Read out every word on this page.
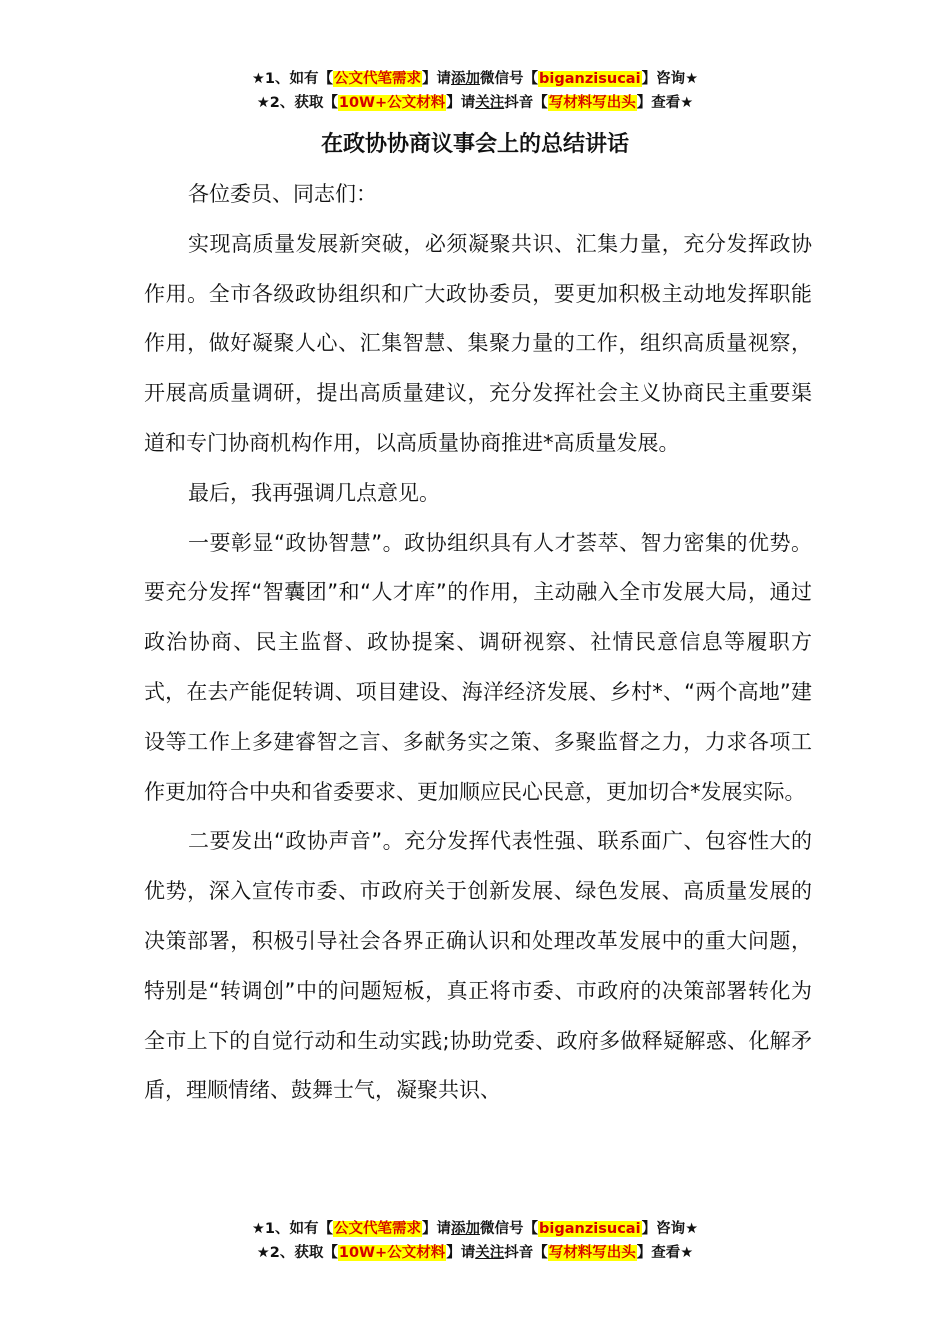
★1、如有【公文代笔需求】请添加微信号【biganzisucai】咨询★
★2、获取【10W+公文材料】请关注抖音【写材料写出头】查看★
在政协协商议事会上的总结讲话

各位委员、同志们：

实现高质量发展新突破，必须凝聚共识、汇集力量，充分发挥政协作用。全市各级政协组织和广大政协委员，要更加积极主动地发挥职能作用，做好凝聚人心、汇集智慧、集聚力量的工作，组织高质量视察，开展高质量调研，提出高质量建议，充分发挥社会主义协商民主重要渠道和专门协商机构作用，以高质量协商推进*高质量发展。

最后，我再强调几点意见。

一要彰显“政协智慧”。政协组织具有人才荟萃、智力密集的优势。要充分发挥“智囊团”和“人才库”的作用，主动融入全市发展大局，通过政治协商、民主监督、政协提案、调研视察、社情民意信息等履职方式，在去产能促转调、项目建设、海洋经济发展、乡村*、“两个高地”建设等工作上多建睿智之言、多献务实之策、多聚监督之力，力求各项工作更加符合中央和省委要求、更加顺应民心民意，更加切合*发展实际。

二要发出“政协声音”。充分发挥代表性强、联系面广、包容性大的优势，深入宣传市委、市政府关于创新发展、绿色发展、高质量发展的决策部署，积极引导社会各界正确认识和处理改革发展中的重大问题，特别是“转调创”中的问题短板，真正将市委、市政府的决策部署转化为全市上下的自觉行动和生动实践;协助党委、政府多做释疑解惑、化解矛盾，理顺情绪、鼓舞士气，凝聚共识、

★1、如有【公文代笔需求】请添加微信号【biganzisucai】咨询★
★2、获取【10W+公文材料】请关注抖音【写材料写出头】查看★
